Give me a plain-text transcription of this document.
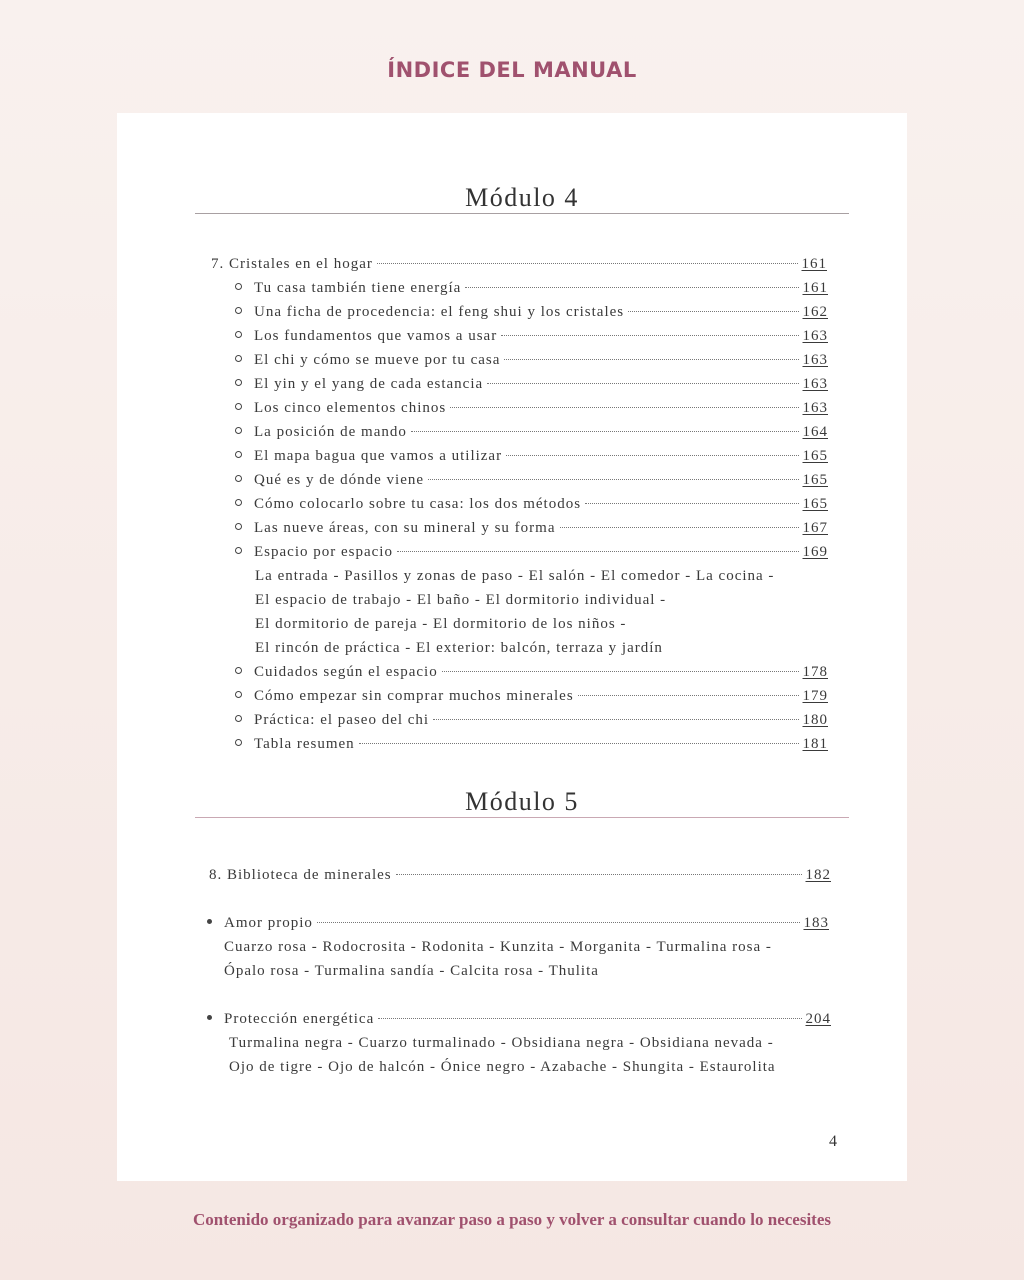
ÍNDICE DEL MANUAL
Módulo 4
7. Cristales en el hogar	161
Tu casa también tiene energía	161
Una ficha de procedencia: el feng shui y los cristales	162
Los fundamentos que vamos a usar	163
El chi y cómo se mueve por tu casa	163
El yin y el yang de cada estancia	163
Los cinco elementos chinos	163
La posición de mando	164
El mapa bagua que vamos a utilizar	165
Qué es y de dónde viene	165
Cómo colocarlo sobre tu casa: los dos métodos	165
Las nueve áreas, con su mineral y su forma	167
Espacio por espacio	169
La entrada - Pasillos y zonas de paso - El salón - El comedor - La cocina -
El espacio de trabajo - El baño - El dormitorio individual -
El dormitorio de pareja - El dormitorio de los niños -
El rincón de práctica - El exterior: balcón, terraza y jardín
Cuidados según el espacio	178
Cómo empezar sin comprar muchos minerales	179
Práctica: el paseo del chi	180
Tabla resumen	181
Módulo 5
8. Biblioteca de minerales	182
Amor propio	183
Cuarzo rosa - Rodocrosita - Rodonita - Kunzita - Morganita - Turmalina rosa -
Ópalo rosa - Turmalina sandía - Calcita rosa - Thulita
Protección energética	204
Turmalina negra - Cuarzo turmalinado - Obsidiana negra - Obsidiana nevada -
Ojo de tigre - Ojo de halcón - Ónice negro - Azabache - Shungita - Estaurolita
4
Contenido organizado para avanzar paso a paso y volver a consultar cuando lo necesites
